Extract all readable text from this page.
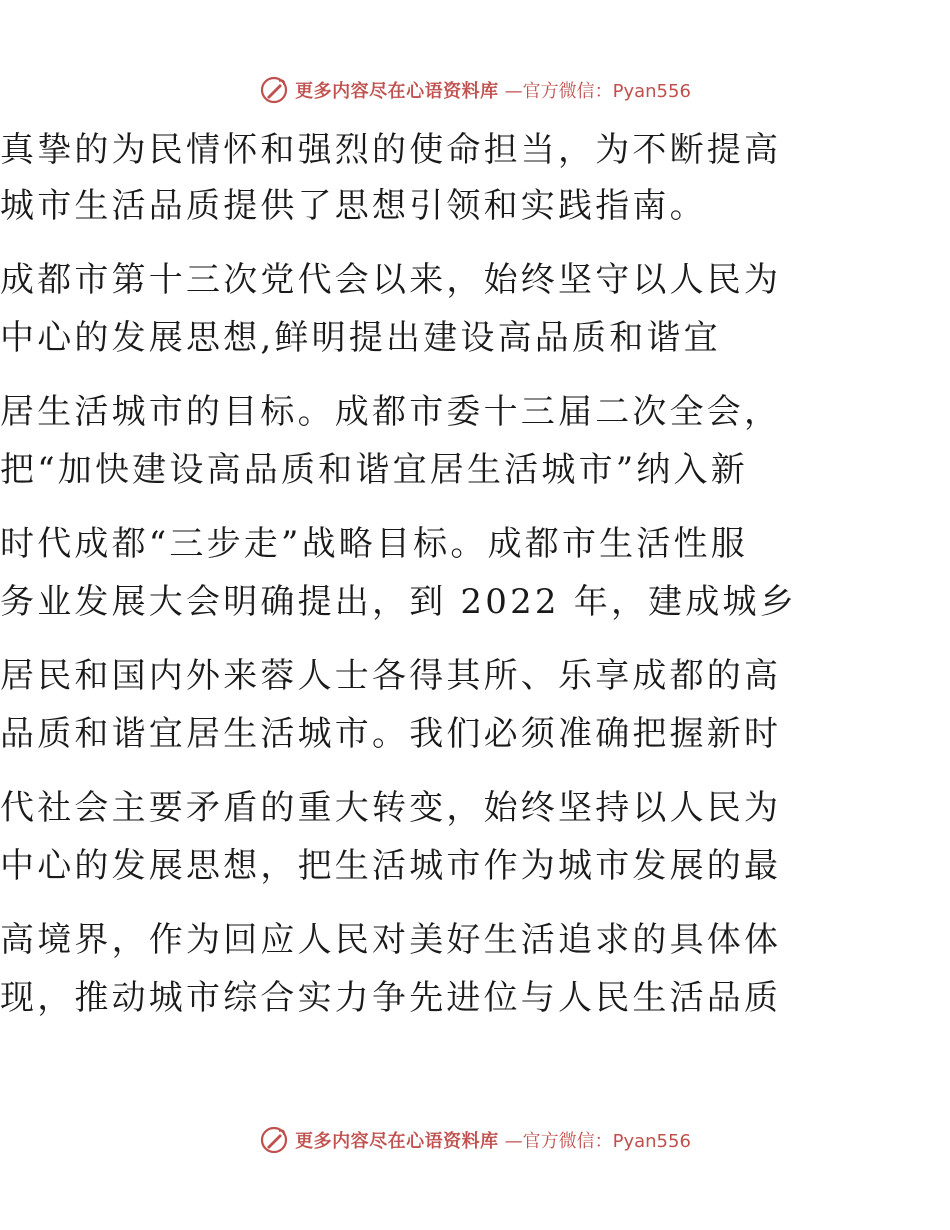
更多内容尽在心语资料库 —官方微信：Pyan556
真挚的为民情怀和强烈的使命担当，为不断提高
城市生活品质提供了思想引领和实践指南。
成都市第十三次党代会以来，始终坚守以人民为
中心的发展思想,鲜明提出建设高品质和谐宜
居生活城市的目标。成都市委十三届二次全会，
把“加快建设高品质和谐宜居生活城市”纳入新
时代成都“三步走”战略目标。成都市生活性服
务业发展大会明确提出，到 2022 年，建成城乡
居民和国内外来蓉人士各得其所、乐享成都的高
品质和谐宜居生活城市。我们必须准确把握新时
代社会主要矛盾的重大转变，始终坚持以人民为
中心的发展思想，把生活城市作为城市发展的最
高境界，作为回应人民对美好生活追求的具体体
现，推动城市综合实力争先进位与人民生活品质
更多内容尽在心语资料库 —官方微信：Pyan556
